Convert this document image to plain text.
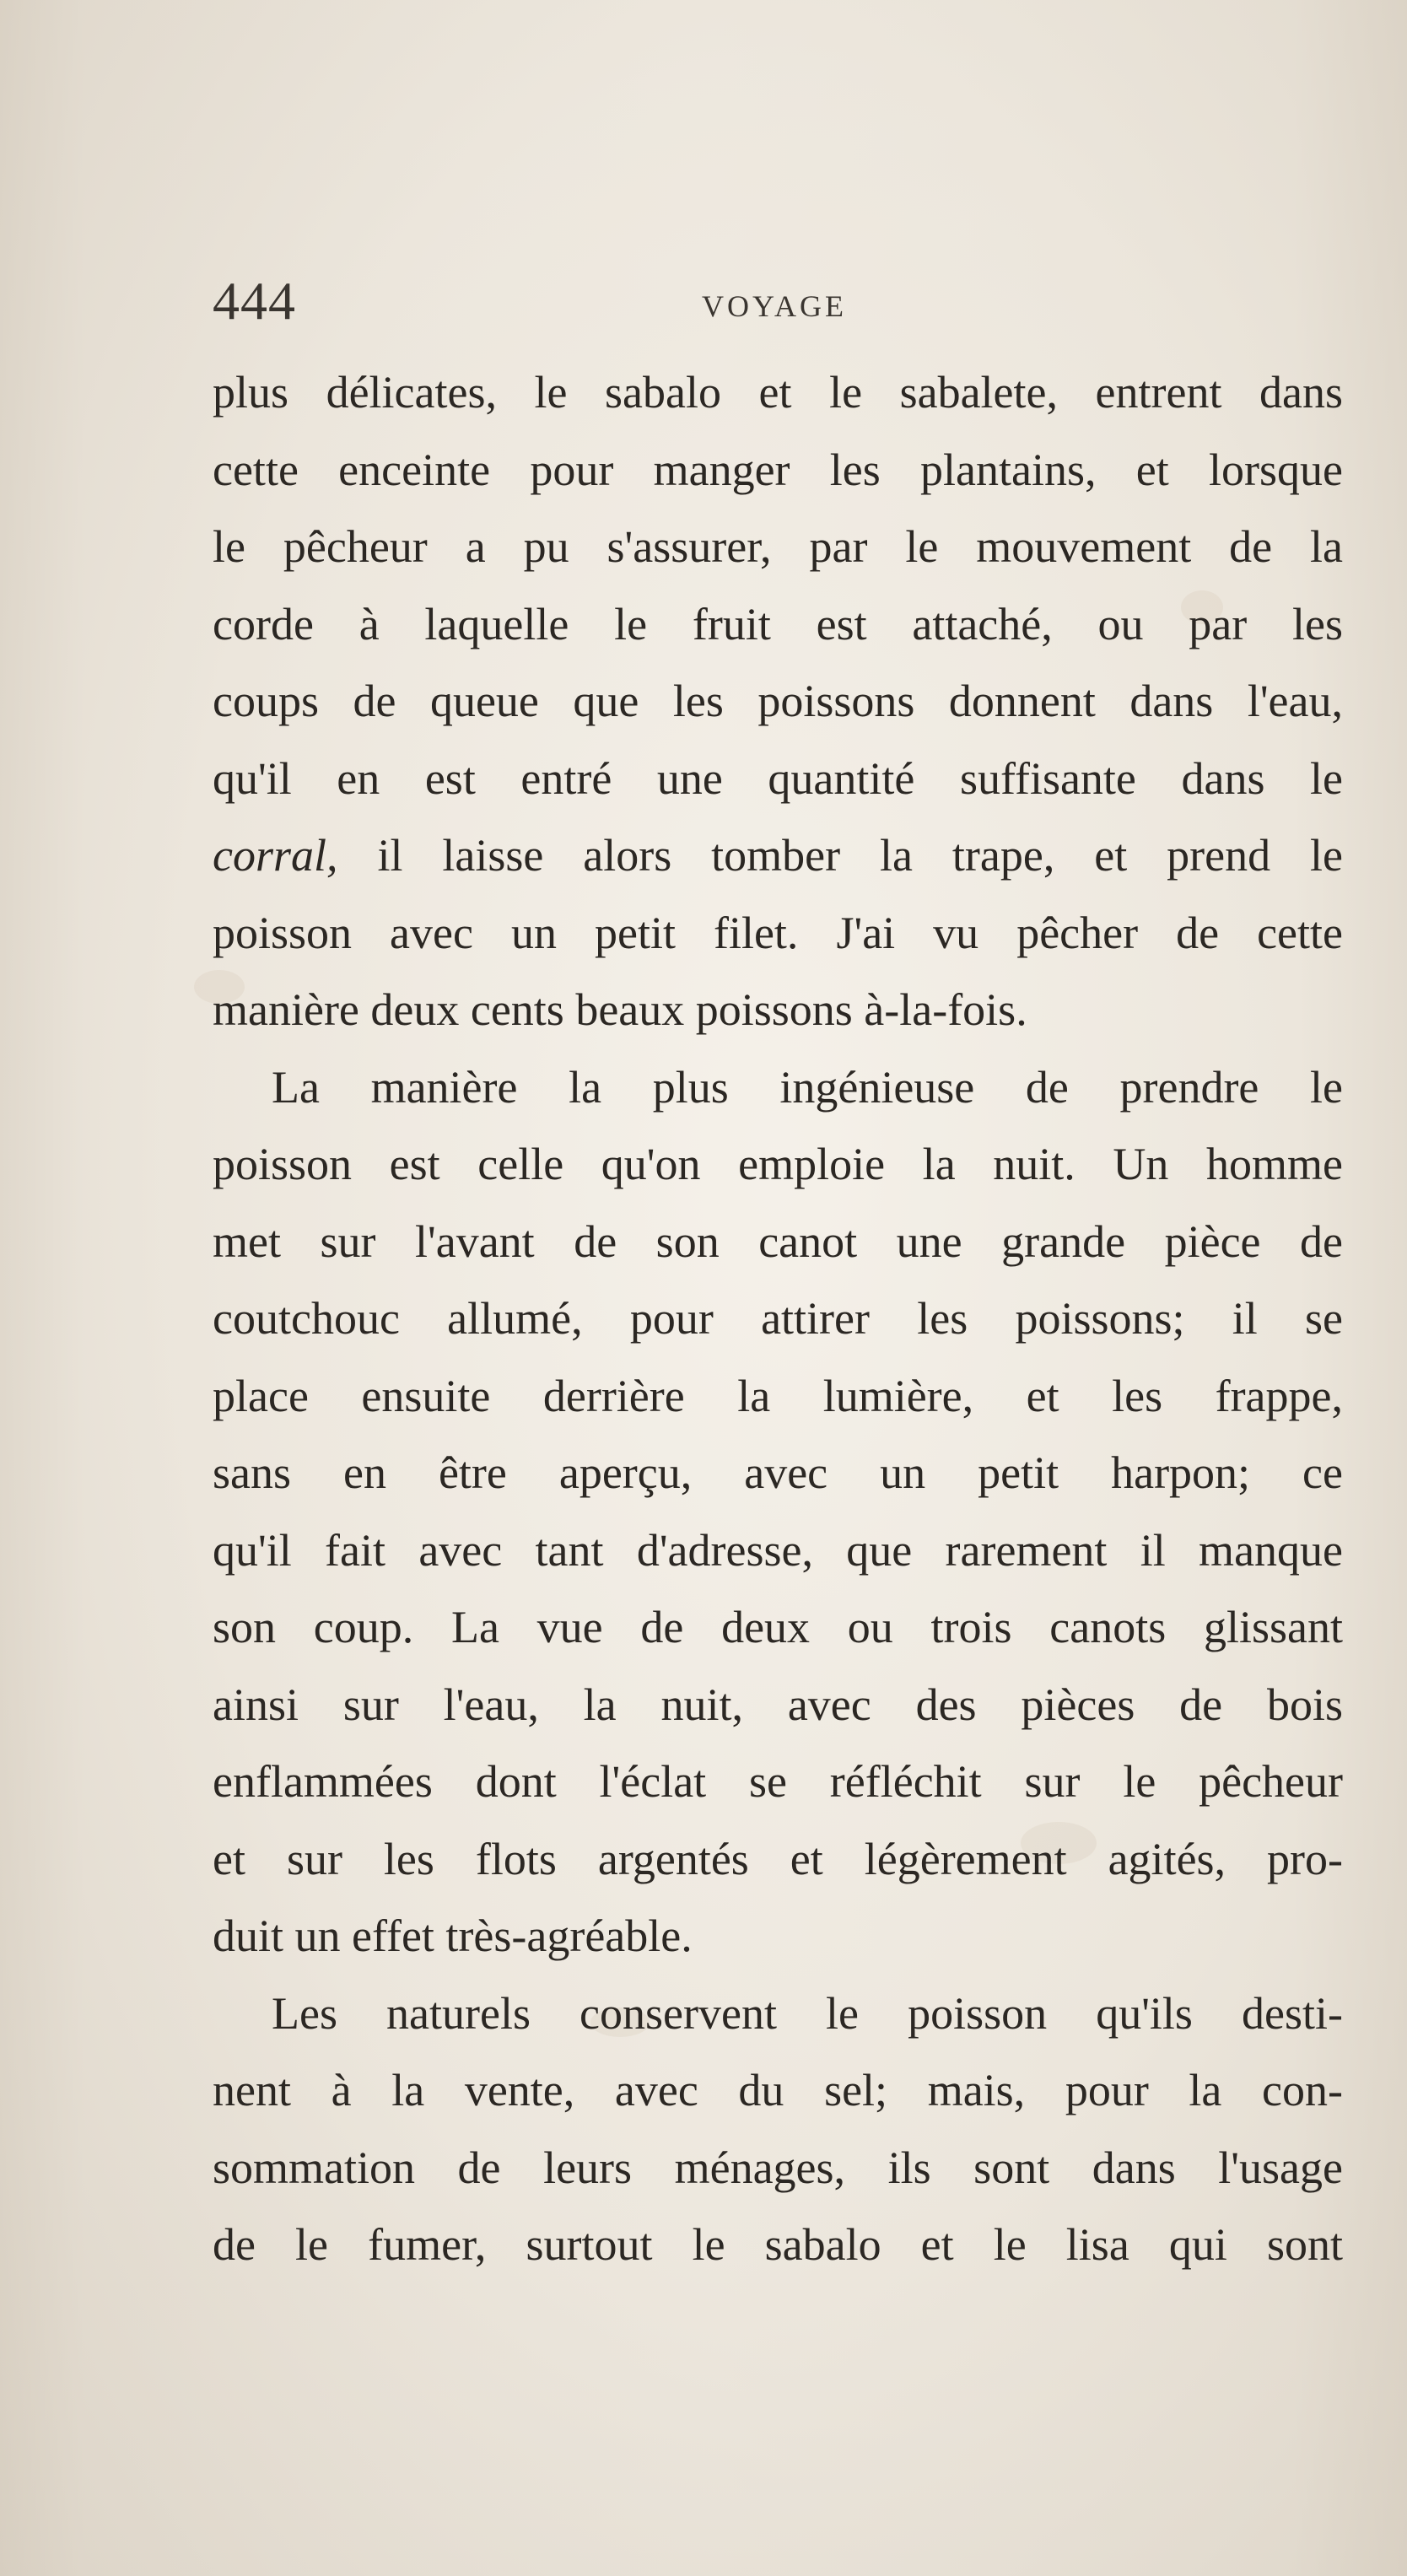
444	VOYAGE
plus délicates, le sabalo et le sabalete, entrent dans
cette enceinte pour manger les plantains, et lorsque
le pêcheur a pu s'assurer, par le mouvement de la
corde à laquelle le fruit est attaché, ou par les
coups de queue que les poissons donnent dans l'eau,
qu'il en est entré une quantité suffisante dans le
corral, il laisse alors tomber la trape, et prend le
poisson avec un petit filet. J'ai vu pêcher de cette
manière deux cents beaux poissons à-la-fois.
La manière la plus ingénieuse de prendre le
poisson est celle qu'on emploie la nuit. Un homme
met sur l'avant de son canot une grande pièce de
coutchouc allumé, pour attirer les poissons; il se
place ensuite derrière la lumière, et les frappe,
sans en être aperçu, avec un petit harpon; ce
qu'il fait avec tant d'adresse, que rarement il manque
son coup. La vue de deux ou trois canots glissant
ainsi sur l'eau, la nuit, avec des pièces de bois
enflammées dont l'éclat se réfléchit sur le pêcheur
et sur les flots argentés et légèrement agités, pro-
duit un effet très-agréable.
Les naturels conservent le poisson qu'ils desti-
nent à la vente, avec du sel; mais, pour la con-
sommation de leurs ménages, ils sont dans l'usage
de le fumer, surtout le sabalo et le lisa qui sont
